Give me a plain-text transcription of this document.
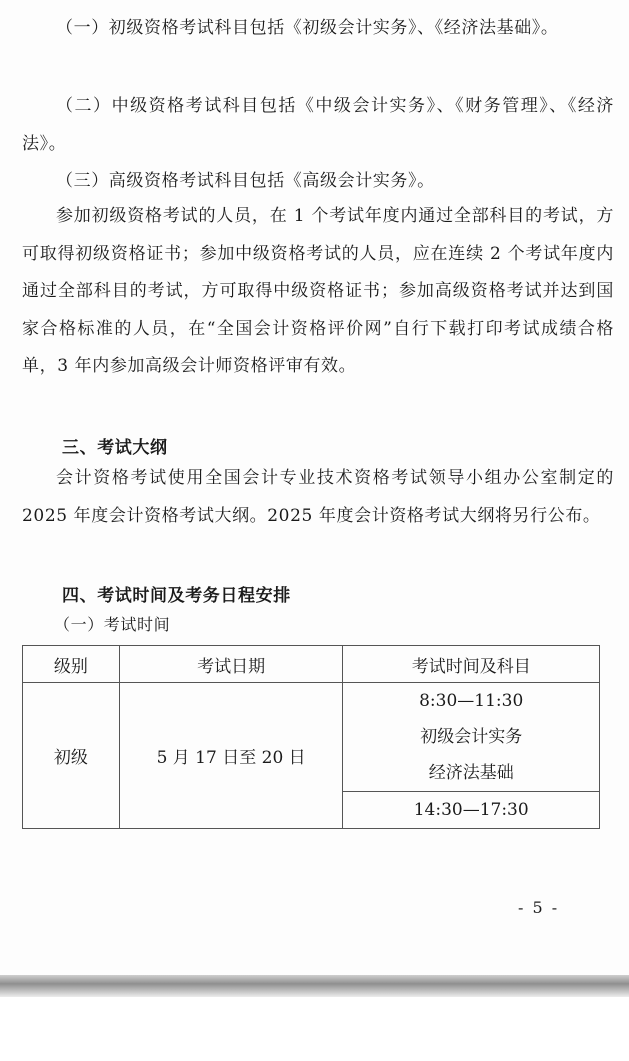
（一）初级资格考试科目包括《初级会计实务》、《经济法基础》。

（二）中级资格考试科目包括《中级会计实务》、《财务管理》、《经济法》。

（三）高级资格考试科目包括《高级会计实务》。

参加初级资格考试的人员，在 1 个考试年度内通过全部科目的考试，方可取得初级资格证书；参加中级资格考试的人员，应在连续 2 个考试年度内通过全部科目的考试，方可取得中级资格证书；参加高级资格考试并达到国家合格标准的人员，在“全国会计资格评价网”自行下载打印考试成绩合格单，3 年内参加高级会计师资格评审有效。

三、考试大纲

会计资格考试使用全国会计专业技术资格考试领导小组办公室制定的 2025 年度会计资格考试大纲。2025 年度会计资格考试大纲将另行公布。

四、考试时间及考务日程安排

（一）考试时间

级别	考试日期	考试时间及科目
初级	5 月 17 日至 20 日	8:30—11:30
初级会计实务
经济法基础
14:30—17:30
- 5 -
